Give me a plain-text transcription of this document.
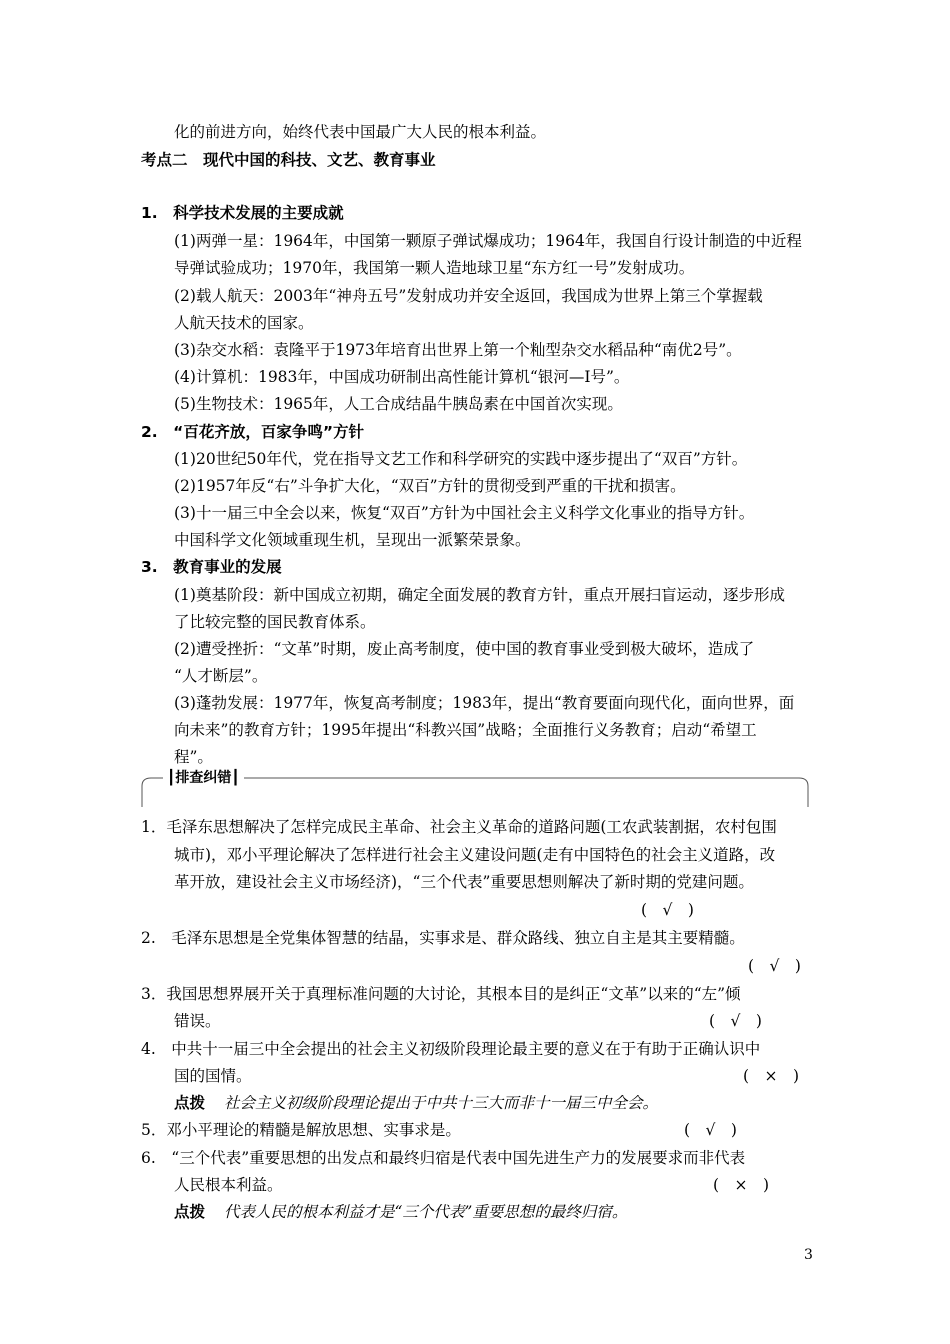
化的前进方向，始终代表中国最广大人民的根本利益。
考点二　现代中国的科技、文艺、教育事业
1.　科学技术发展的主要成就
(1)两弹一星：1964年，中国第一颗原子弹试爆成功；1964年，我国自行设计制造的中近程
导弹试验成功；1970年，我国第一颗人造地球卫星“东方红一号”发射成功。
(2)载人航天：2003年“神舟五号”发射成功并安全返回，我国成为世界上第三个掌握载
人航天技术的国家。
(3)杂交水稻：袁隆平于1973年培育出世界上第一个籼型杂交水稻品种“南优2号”。
(4)计算机：1983年，中国成功研制出高性能计算机“银河—Ⅰ号”。
(5)生物技术：1965年，人工合成结晶牛胰岛素在中国首次实现。
2.　“百花齐放，百家争鸣”方针
(1)20世纪50年代，党在指导文艺工作和科学研究的实践中逐步提出了“双百”方针。
(2)1957年反“右”斗争扩大化，“双百”方针的贯彻受到严重的干扰和损害。
(3)十一届三中全会以来，恢复“双百”方针为中国社会主义科学文化事业的指导方针。
中国科学文化领域重现生机，呈现出一派繁荣景象。
3.　教育事业的发展
(1)奠基阶段：新中国成立初期，确定全面发展的教育方针，重点开展扫盲运动，逐步形成
了比较完整的国民教育体系。
(2)遭受挫折：“文革”时期，废止高考制度，使中国的教育事业受到极大破坏，造成了
“人才断层”。
(3)蓬勃发展：1977年，恢复高考制度；1983年，提出“教育要面向现代化，面向世界，面
向未来”的教育方针；1995年提出“科教兴国”战略；全面推行义务教育；启动“希望工
程”。
┃排查纠错┃
1．毛泽东思想解决了怎样完成民主革命、社会主义革命的道路问题(工农武装割据，农村包围
城市)，邓小平理论解决了怎样进行社会主义建设问题(走有中国特色的社会主义道路，改
革开放，建设社会主义市场经济)，“三个代表”重要思想则解决了新时期的党建问题。
(　√　)
2.　毛泽东思想是全党集体智慧的结晶，实事求是、群众路线、独立自主是其主要精髓。
(　√　)
3．我国思想界展开关于真理标准问题的大讨论，其根本目的是纠正“文革”以来的“左”倾
错误。	(　√　)
4.　中共十一届三中全会提出的社会主义初级阶段理论最主要的意义在于有助于正确认识中
国的国情。	(　×　)
点拨 社会主义初级阶段理论提出于中共十三大而非十一届三中全会。
5．邓小平理论的精髓是解放思想、实事求是。	(　√　)
6.　“三个代表”重要思想的出发点和最终归宿是代表中国先进生产力的发展要求而非代表
人民根本利益。	(　×　)
点拨 代表人民的根本利益才是“三个代表”重要思想的最终归宿。
3
